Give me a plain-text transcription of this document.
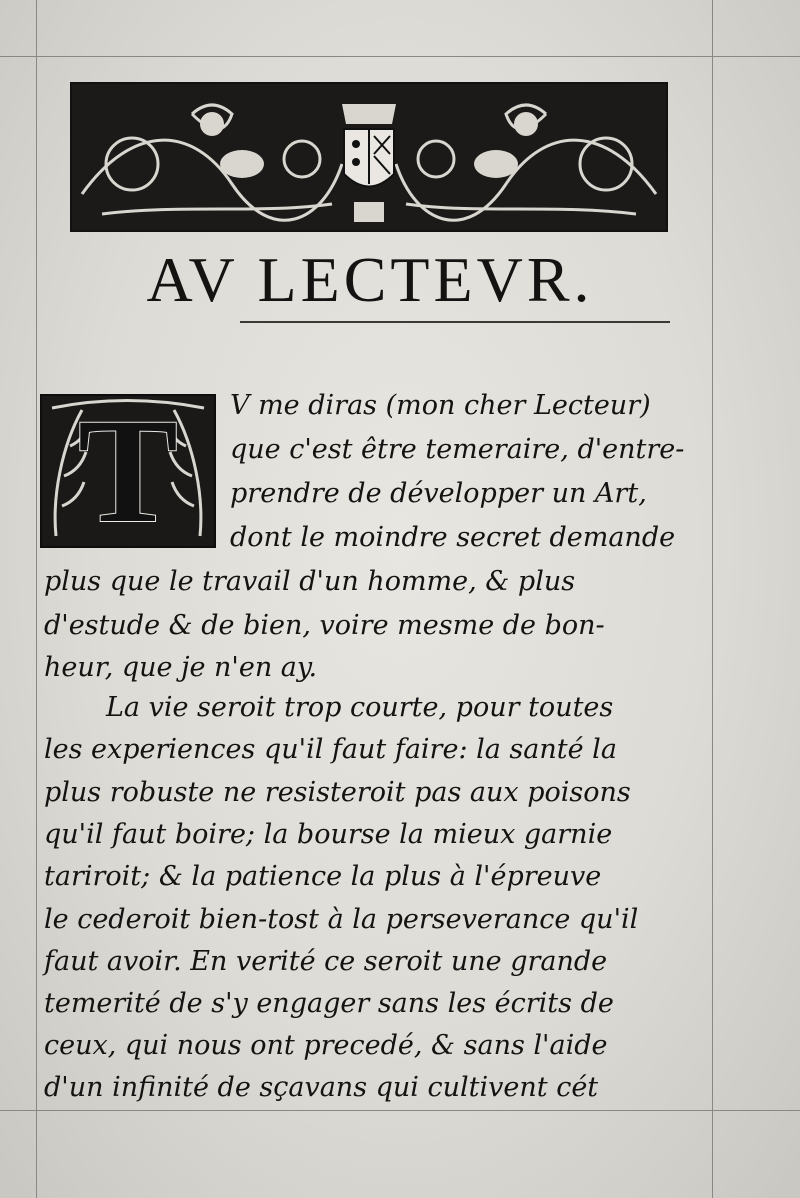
AV LECTEVR.
T	V me diras (mon cher Lecteur)

que c'est être temeraire, d'entre-

prendre de développer un Art,

dont le moindre secret demande

plus que le travail d'un homme, & plus

d'estude & de bien, voire mesme de bon-

heur, que je n'en ay.

La vie seroit trop courte, pour toutes

les experiences qu'il faut faire: la santé la

plus robuste ne resisteroit pas aux poisons

qu'il faut boire; la bourse la mieux garnie

tariroit; & la patience la plus à l'épreuve

le cederoit bien-tost à la perseverance qu'il

faut avoir. En verité ce seroit une grande

temerité de s'y engager sans les écrits de

ceux, qui nous ont precedé, & sans l'aide

d'un infinité de sçavans qui cultivent cét
